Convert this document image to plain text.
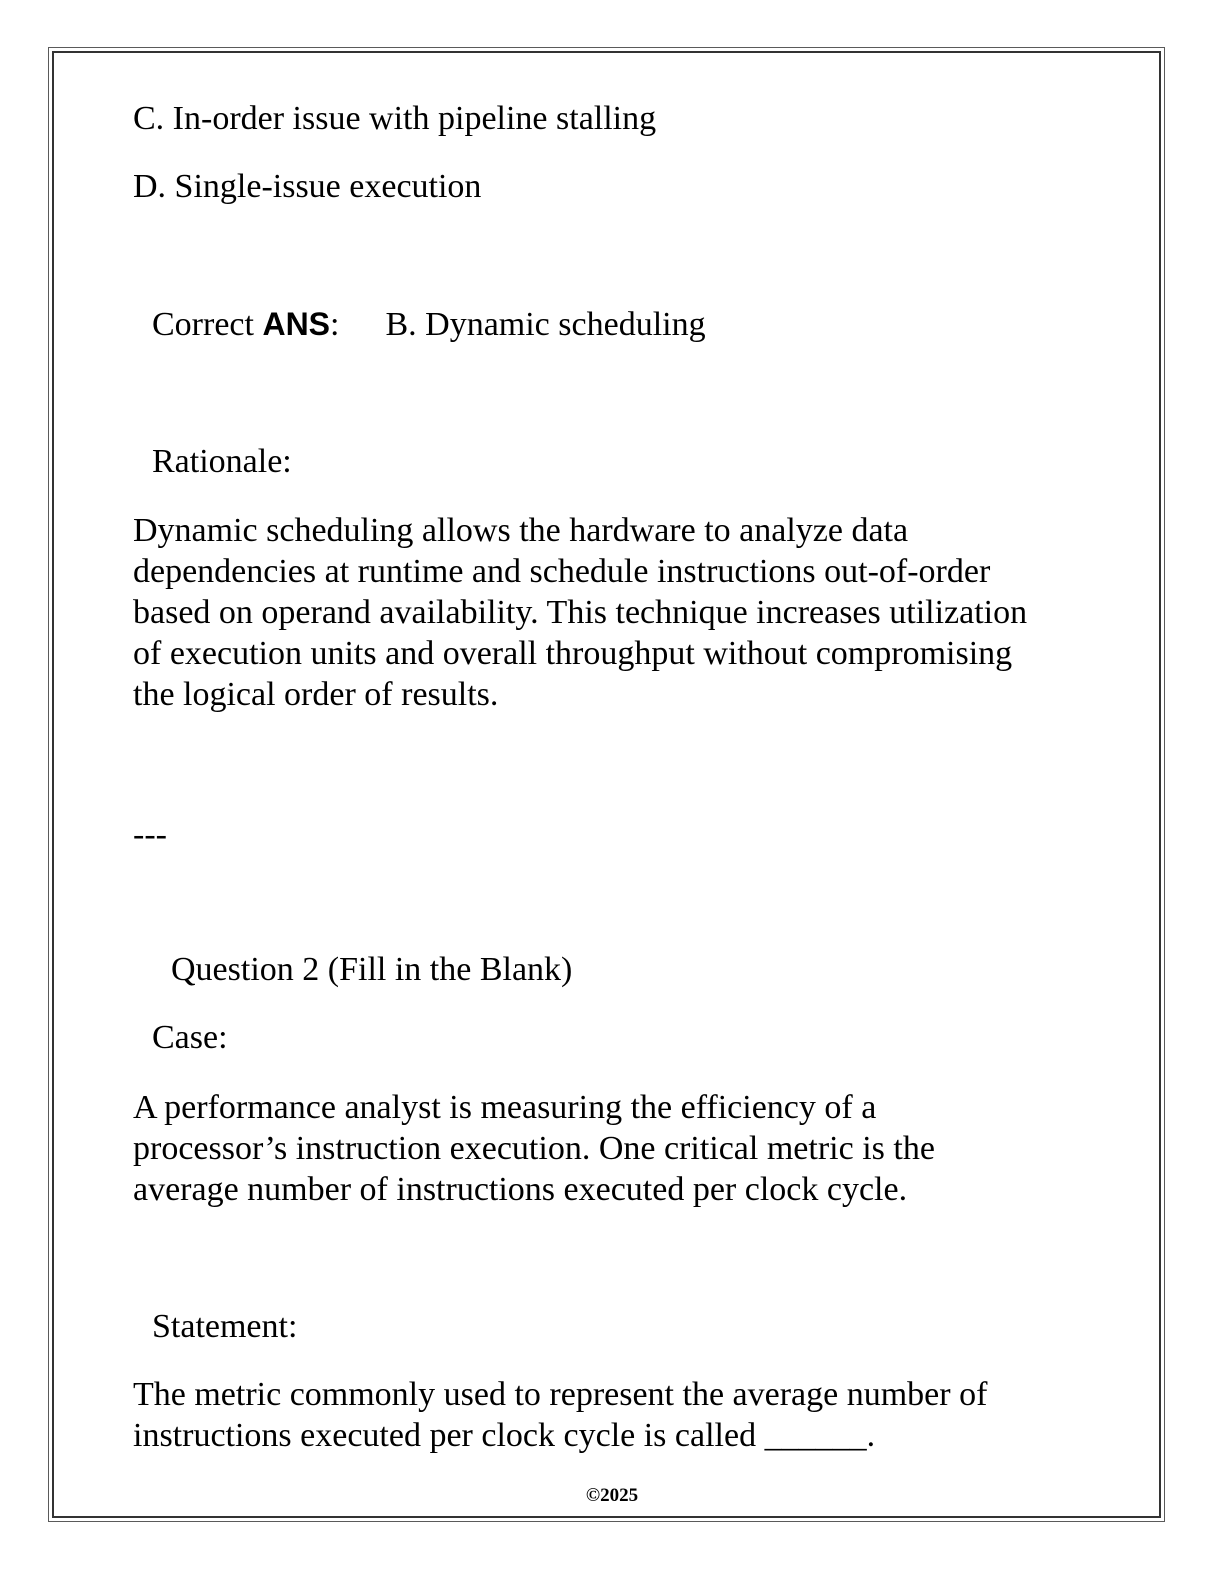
C. In-order issue with pipeline stalling
D. Single-issue execution
Correct ANS: B. Dynamic scheduling
Rationale:
Dynamic scheduling allows the hardware to analyze data
dependencies at runtime and schedule instructions out-of-order
based on operand availability. This technique increases utilization
of execution units and overall throughput without compromising
the logical order of results.
---
Question 2 (Fill in the Blank)
Case:
A performance analyst is measuring the efficiency of a
processor’s instruction execution. One critical metric is the
average number of instructions executed per clock cycle.
Statement:
The metric commonly used to represent the average number of
instructions executed per clock cycle is called ______.
©2025
